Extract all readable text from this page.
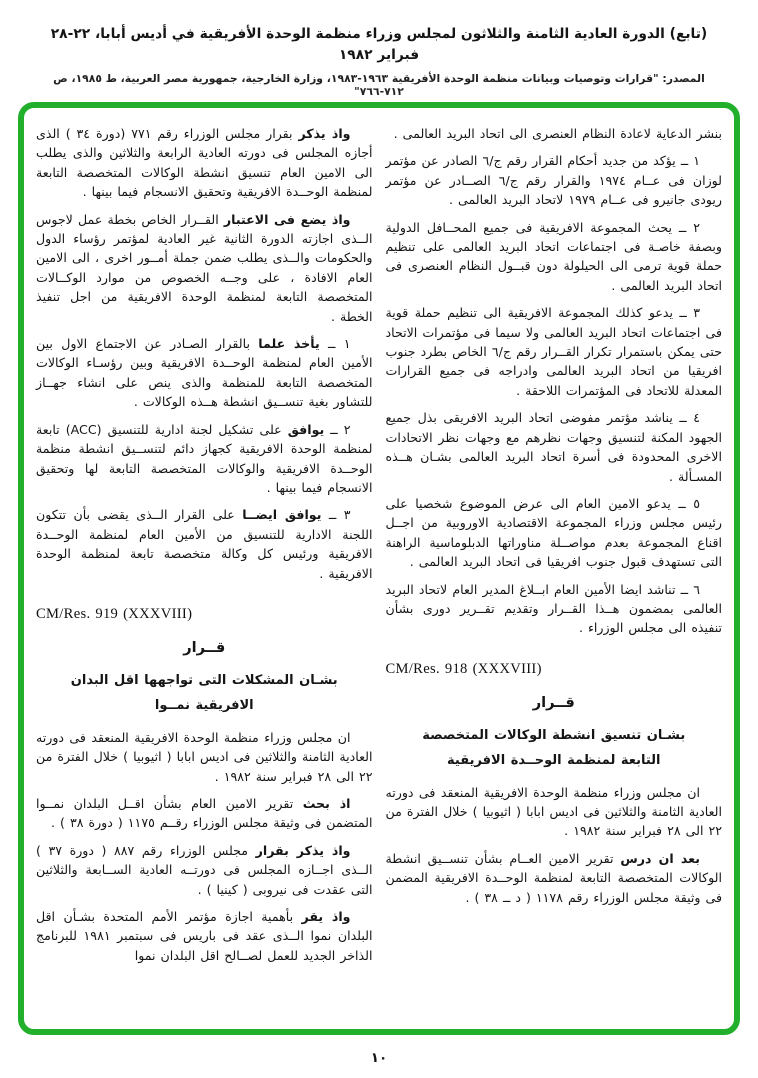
(تابع) الدورة العادية الثامنة والثلاثون لمجلس وزراء منظمة الوحدة الأفريقية في أديس أبابا، ٢٢-٢٨ فبراير ١٩٨٢
المصدر: "قرارات وتوصيات وبيانات منظمة الوحدة الأفريقية ١٩٦٣-١٩٨٣، وزارة الخارجية، جمهورية مصر العربية، ط ١٩٨٥، ص ٧١٢-٧٦٦"

بنشر الدعاية لاعادة النظام العنصرى الى اتحاد البريد العالمى .

١ ــ يؤكد من جديد أحكام القرار رقم ج/٦ الصادر عن مؤتمر لوزان فى عــام ١٩٧٤ والقرار رقم ج/٦ الصــادر عن مؤتمر ريودى جانيرو فى عــام ١٩٧٩ لاتحاد البريد العالمى .

٢ ــ يحث المجموعة الافريقية فى جميع المحــافل الدولية وبصفة خاصـة فى اجتماعات اتحاد البريد العالمى على تنظيم حملة قوية ترمى الى الحيلولة دون قبــول النظام العنصرى فى اتحاد البريد العالمى .

٣ ــ يدعو كذلك المجموعة الافريقية الى تنظيم حملة قوية فى اجتماعات اتحاد البريد العالمى ولا سيما فى مؤتمرات الاتحاد حتى يمكن باستمرار تكرار القــرار رقم ج/٦ الخاص بطرد جنوب افريقيا من اتحاد البريد العالمى وادراجه فى جميع القرارات المعدلة للاتحاد فى المؤتمرات اللاحقة .

٤ ــ يناشد مؤتمر مفوضى اتحاد البريد الافريقى بذل جميع الجهود المكنة لتنسيق وجهات نظرهم مع وجهات نظر الاتحادات الاخرى المحدودة فى أسرة اتحاد البريد العالمى بشـان هــذه المسـألة .

٥ ــ يدعو الامين العام الى عرض الموضوع شخصيا على رئيس مجلس وزراء المجموعة الاقتصادية الاوروبية من اجــل اقناع المجموعة بعدم مواصــلة مناوراتها الدبلوماسية الراهنة التى تستهدف قبول جنوب افريقيا فى اتحاد البريد العالمى .

٦ ــ تناشد ايضا الأمين العام ابــلاغ المدير العام لاتحاد البريد العالمى بمضمون هــذا القــرار وتقديم تقــرير دورى بشأن تنفيذه الى مجلس الوزراء .

CM/Res. 918 (XXXVIII)
قــرار
بشـان تنسيق انشطة الوكالات المتخصصة
التابعة لمنظمة الوحــدة الافريقية

ان مجلس وزراء منظمة الوحدة الافريقية المنعقد فى دورته العادية الثامنة والثلاثين فى اديس ابابا ( اثيوبيا ) خلال الفترة من ٢٢ الى ٢٨ فبراير سنة ١٩٨٢ .

بعد ان درس تقرير الامين العــام بشأن تنســيق انشطة الوكالات المتخصصة التابعة لمنظمة الوحــدة الافريقية المضمن فى وثيقة مجلس الوزراء رقم ١١٧٨ ( د ــ ٣٨ ) .

واذ يذكر بقرار مجلس الوزراء رقم ٧٧١ (دورة ٣٤ ) الذى أجازه المجلس فى دورته العادية الرابعة والثلاثين والذى يطلب الى الامين العام تنسيق انشطة الوكالات المتخصصة التابعة لمنظمة الوحــدة الافريقية وتحقيق الانسجام فيما بينها .

واذ يضع فى الاعتبار القــرار الخاص بخطة عمل لاجوس الــذى اجازته الدورة الثانية غير العادية لمؤتمر رؤساء الدول والحكومات والــذى يطلب ضمن جملة أمــور اخرى ، الى الامين العام الافادة ، على وجــه الخصوص من موارد الوكــالات المتخصصة التابعة لمنظمة الوحدة الافريقية من اجل تنفيذ الخطة .

١ ــ يأخذ علما بالقرار الصـادر عن الاجتماع الاول بين الأمين العام لمنظمة الوحــدة الافريقية وبين رؤسـاء الوكالات المتخصصة التابعة للمنظمة والذى ينص على انشاء جهــاز للتشاور بغية تنســيق انشطة هــذه الوكالات .

٢ ــ يوافق على تشكيل لجنة ادارية للتنسيق (ACC) تابعة لمنظمة الوحدة الافريقية كجهاز دائم لتنســيق انشطة منظمة الوحــدة الافريقية والوكالات المتخصصة التابعة لها وتحقيق الانسجام فيما بينها .

٣ ــ يوافق ايضــا على القرار الــذى يقضى بأن تتكون اللجنة الادارية للتنسيق من الأمين العام لمنظمة الوحــدة الافريقية ورئيس كل وكالة متخصصة تابعة لمنظمة الوحدة الافريقية .

CM/Res. 919 (XXXVIII)
قــرار
بشـان المشكلات التى تواجهها اقل البدان
الافريقية نمــوا

ان مجلس وزراء منظمة الوحدة الافريقية المنعقد فى دورته العادية الثامنة والثلاثين فى اديس ابابا ( اثيوبيا ) خلال الفترة من ٢٢ الى ٢٨ فبراير سنة ١٩٨٢ .

اذ بحث تقرير الامين العام بشأن اقــل البلدان نمــوا المتضمن فى وثيقة مجلس الوزراء رقــم ١١٧٥ ( دورة ٣٨ ) .

واذ يذكر بقرار مجلس الوزراء رقم ٨٨٧ ( دورة ٣٧ ) الــذى اجــازه المجلس فى دورتــه العادية الســابعة والثلاثين التى عقدت فى نيروبى ( كينيا ) .

واذ يقر بأهمية اجازة مؤتمر الأمم المتحدة بشـأن اقل البلدان نموا الــذى عقد فى باريس فى سبتمبر ١٩٨١ للبرنامج الذاخر الجديد للعمل لصــالح اقل البلدان نموا

١٠
